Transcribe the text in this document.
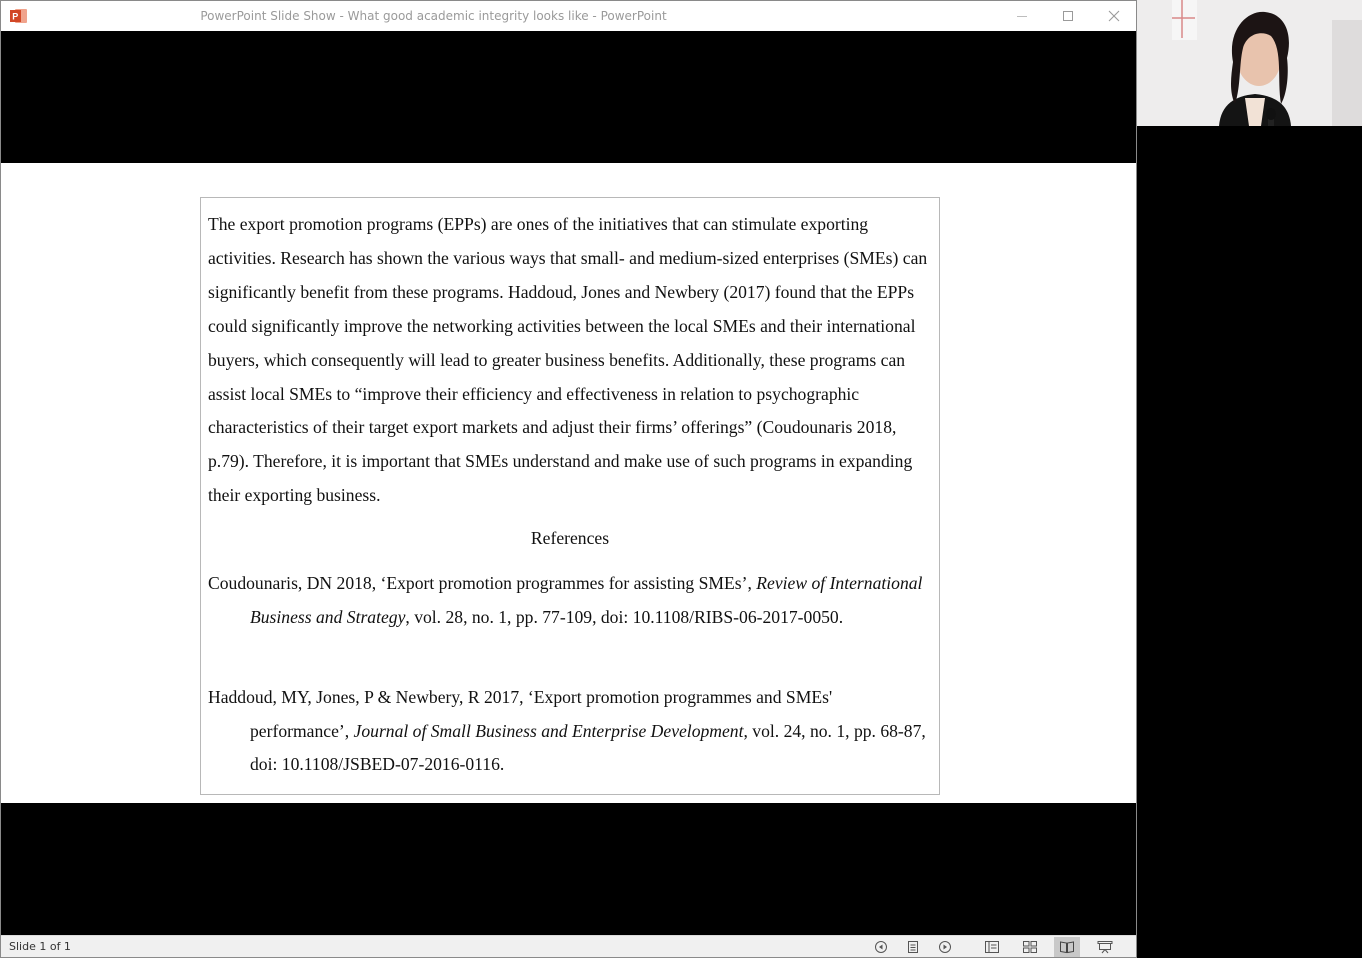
P	PowerPoint Slide Show - What good academic integrity looks like - PowerPoint

The export promotion programs (EPPs) are ones of the initiatives that can stimulate exporting activities. Research has shown the various ways that small- and medium-sized enterprises (SMEs) can significantly benefit from these programs. Haddoud, Jones and Newbery (2017) found that the EPPs could significantly improve the networking activities between the local SMEs and their international buyers, which consequently will lead to greater business benefits. Additionally, these programs can assist local SMEs to “improve their efficiency and effectiveness in relation to psychographic characteristics of their target export markets and adjust their firms’ offerings” (Coudounaris 2018, p.79). Therefore, it is important that SMEs understand and make use of such programs in expanding their exporting business.

References

Coudounaris, DN 2018, ‘Export promotion programmes for assisting SMEs’, Review of International Business and Strategy, vol. 28, no. 1, pp. 77-109, doi: 10.1108/RIBS-06-2017-0050.

Haddoud, MY, Jones, P & Newbery, R 2017, ‘Export promotion programmes and SMEs' performance’, Journal of Small Business and Enterprise Development, vol. 24, no. 1, pp. 68-87, doi: 10.1108/JSBED-07-2016-0116.

Slide 1 of 1
